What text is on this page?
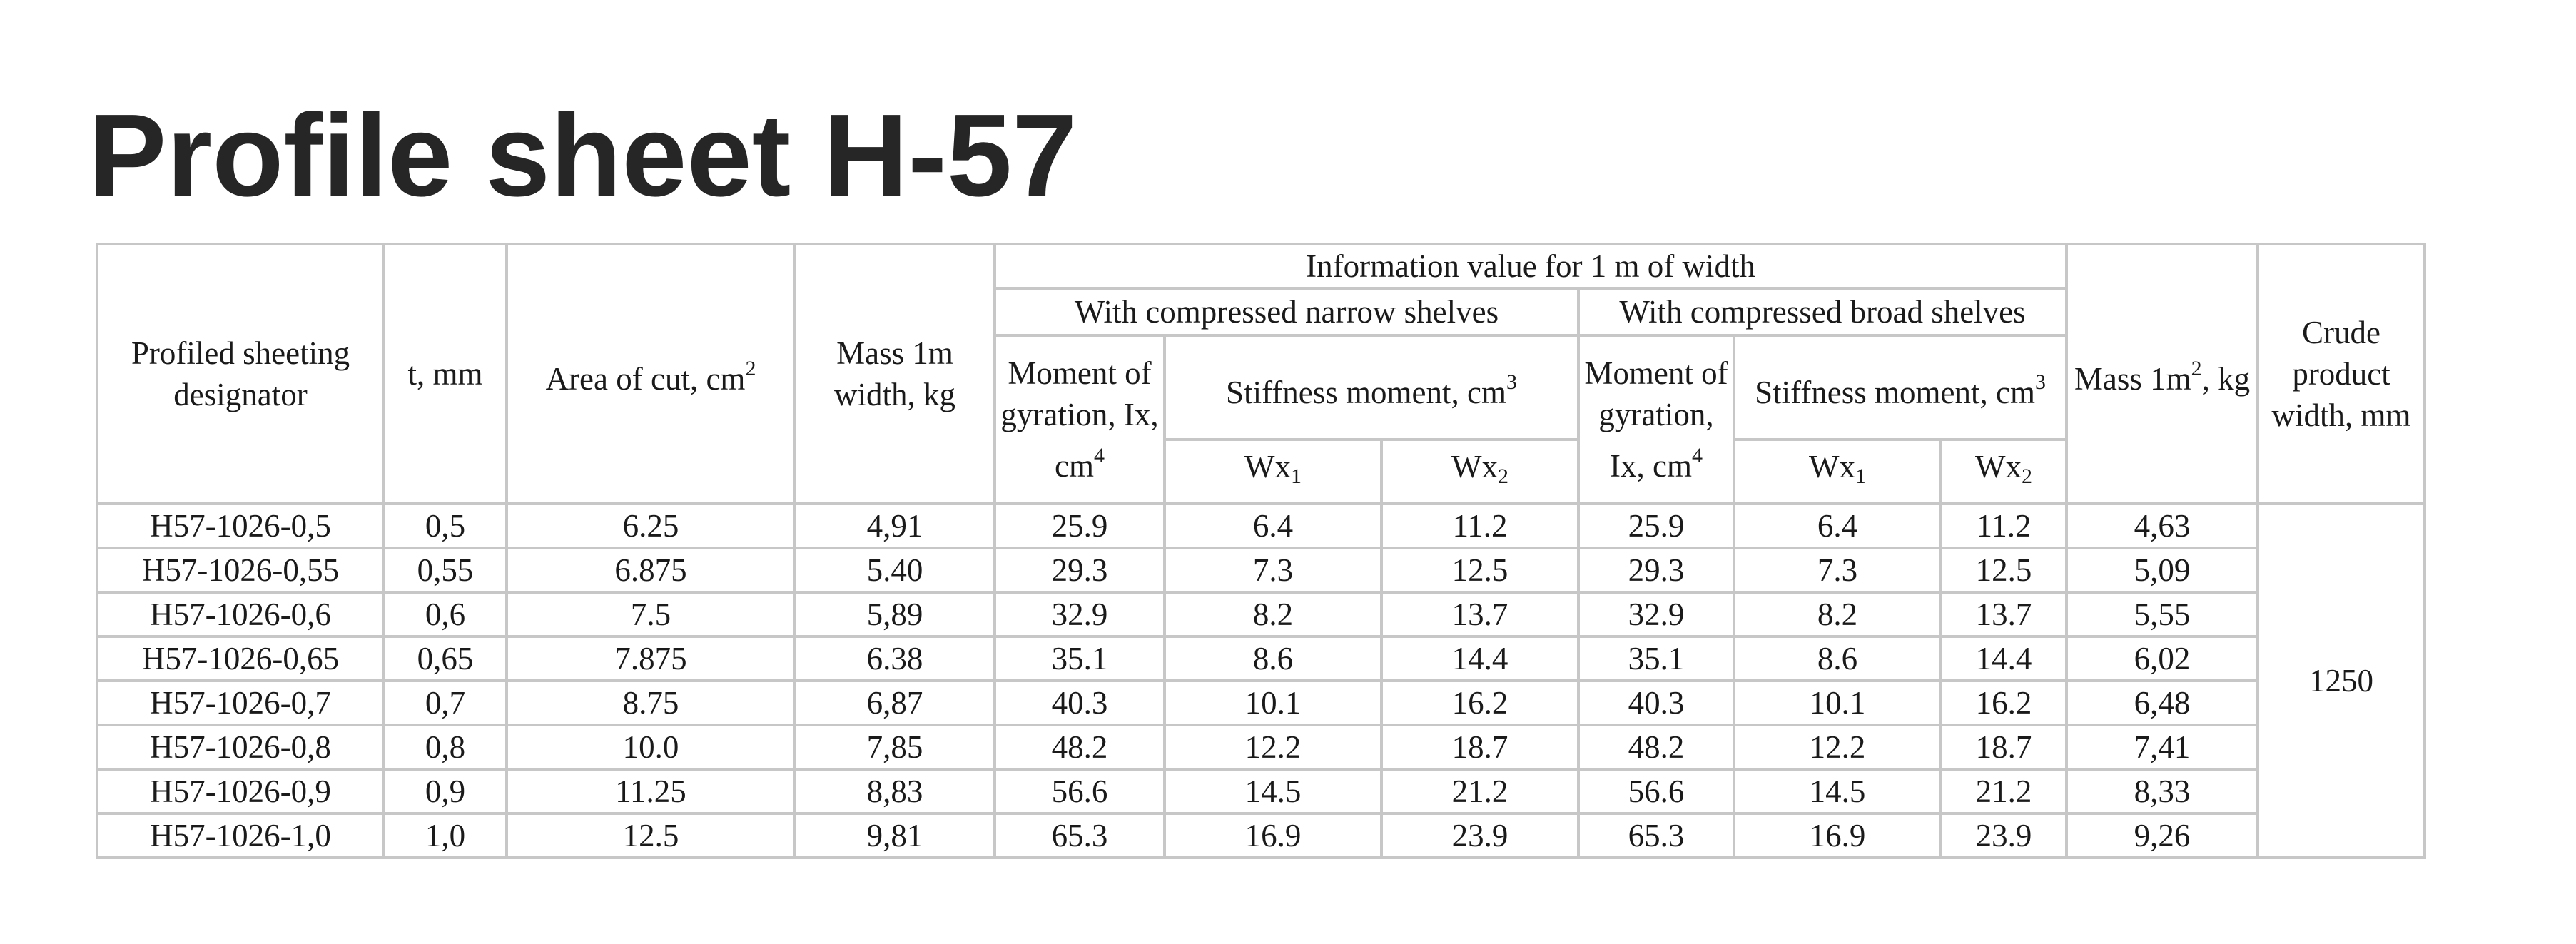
Profile sheet H-57
Profiled sheeting designator	t, mm	Area of cut, $cm^2$	Mass 1m width, kg	Information value for 1 m of width						Mass $1m^2$, kg	Crude product width, mm
				With compressed narrow shelves			With compressed broad shelves				
				Moment of gyration, Ix, $cm^4$	Stiffness moment, $cm^3$		Moment of gyration, Ix, $cm^4$	Stiffness moment, $cm^3$
					$Wx_1$	$Wx_2$		$Wx_1$	$Wx_2$
H57-1026-0,5	0,5	6.25	4,91	25.9	6.4	11.2	25.9	6.4	11.2	4,63	1250
H57-1026-0,55	0,55	6.875	5.40	29.3	7.3	12.5	29.3	7.3	12.5	5,09	
H57-1026-0,6	0,6	7.5	5,89	32.9	8.2	13.7	32.9	8.2	13.7	5,55	
H57-1026-0,65	0,65	7.875	6.38	35.1	8.6	14.4	35.1	8.6	14.4	6,02	
H57-1026-0,7	0,7	8.75	6,87	40.3	10.1	16.2	40.3	10.1	16.2	6,48	
H57-1026-0,8	0,8	10.0	7,85	48.2	12.2	18.7	48.2	12.2	18.7	7,41	
H57-1026-0,9	0,9	11.25	8,83	56.6	14.5	21.2	56.6	14.5	21.2	8,33	
H57-1026-1,0	1,0	12.5	9,81	65.3	16.9	23.9	65.3	16.9	23.9	9,26	
